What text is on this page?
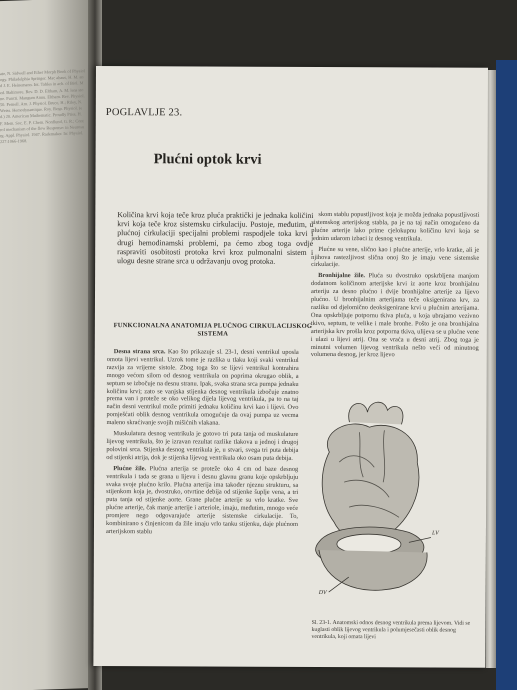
ate, N. Sidwell and Ether Morph Book of Physiology. Philadelphia Springer. Mac ahaus, H. M. and J. E. Heinemann. Int. Tables in ach. of Biol. Med. Baltimore. Rev. D. D. Eltham, A. M. lens stone. Functi. Mangum Annu. Eltham. Rev. Physiol. 50. Pernell. Am. J. Physiol. Bruce, H.; Riley, N. Weiss. Hemodynamique. Roy. Resp. Physiol. (ed.) 20. American Mathematic. Proudly Ptiss, H. F. Mem. Soc. E. P. Chem. Nordlund, G. R.; Control mechanism of the flow Response: in Neurosurg. Appl. Physiol. 1947. Rademaker. In: Physiol. 227:1066-1968.
POGLAVLJE 23.
Plućni optok krvi
Količina krvi koja teče kroz pluća praktički je jednaka količini krvi koja teče kroz sistemsku cirkulaciju. Postoje, međutim, u plućnoj cirkulaciji specijalni problemi raspodjele toka krvi i drugi hemodinamski problemi, pa ćemo zbog toga ovdje raspraviti osobitosti protoka krvi kroz pulmonalni sistem i ulogu desne strane srca u održavanju ovog protoka.
FUNKCIONALNA ANATOMIJA PLUĆNOG CIRKULACIJSKOG SISTEMA

Desna strana srca. Kao što prikazuje sl. 23-1, desni ventrikul uposla omota lijevi ventrikul. Uzrok tome je razlika u tlaku koji svaki ventrikul razvija za vrijeme sistole. Zbog toga što se lijevi ventrikul kontrahira mnogo većom silom od desnog ventrikula on poprima okrugao oblik, a septum se izbočuje na desnu stranu. Ipak, svaka strana srca pumpa jednaku količinu krvi; zato se vanjska stijenka desnog ventrikula izbočuje znatno prema van i proteže se oko velikog dijela lijevog ventrikula, pa to na taj način desni ventrikul može primiti jednaku količinu krvi kao i lijevi. Ovo pomješćati oblik desnog ventrikula omogućuje da ovaj pumpa uz vecma maleno skraćivanje svojih mišićnih vlakana.

Muskulatura desnog ventrikula je gotovo tri puta tanja od muskulature lijevog ventrikula, što je izravan rezultat razlike tlakova u jednoj i drugoj polovini srca. Stijenka desnog ventrikula je, u stvari, svega tri puta debija od stijenki atrija, dok je stijenka lijevog ventrikula oko osam puta debija.

Plućne žile. Plućna arterija se proteže oko 4 cm od baze desnog ventrikula i tada se grana u lijevu i desnu glavnu granu koje opskrbljuju svaka svoje plućno krilo. Plućna arterija ima također njeznu strukturu, sa stijenkom koja je, dvostruko, otvrtine debija od stijenke šuplje vena, a tri puta tanja od stijenke aorte. Grane plućne arterije su vrlo kratke. Sve plućne arterije, čak manje arterije i arteriole, imaju, međutim, mnogo veće promjere nego odgovarajuće arterije sistemske cirkulacije. To, kombinirano s činjenicom da žile imaju vrlo tanku stijenku, daje plućnom arterijskom stablu

skom stablu popustljivost koja je moždа jednaka popustljivosti sistemskog arterijskog stabla, pa je na taj način omogućeno da plućne arterije lako prime cjelokupnu količinu krvi koja se jednim udarom izbaci iz desnog ventrikula.

Plućne su vene, slično kao i plućne arterije, vrlo kratke, ali je njihova rastezljivost slična onoj što je imaju vene sistemske cirkulacije.

Bronhijalne žile. Pluća su dvostruko opskrbljena manjom dodatnom količinom arterijske krvi iz aorte kroz bronhijalnu arteriju za desno plućno i dvije bronhijalne arterije za lijevo plućno. U bronhijalnim arterijama teče oksigenirana krv, za razliku od djelomično deoksigenirane krvi u plućnim arterijama. Ona opskrbljuje potpornu tkiva pluća, u koja ubrajamo vezivno tkivo, septum, te velike i male bronhe. Pošto je ona bronhijalna arterijska krv prošla kroz potporna tkiva, ulijeva se u plućne vene i ulazi u lijevi atrij. Ona se vraća u desni atrij. Zbog toga je minutni volumen lijevog ventrikula nešto veći od minutnog volumena desnog, jer kroz lijevo

LV
DV
Sl. 23-1. Anatomski odnos desnog ventrikula prema lijevom. Vidi se kuglasti oblik lijevog ventrikula i polumjesečasti oblik desnog ventrikula, koji omata lijevi
